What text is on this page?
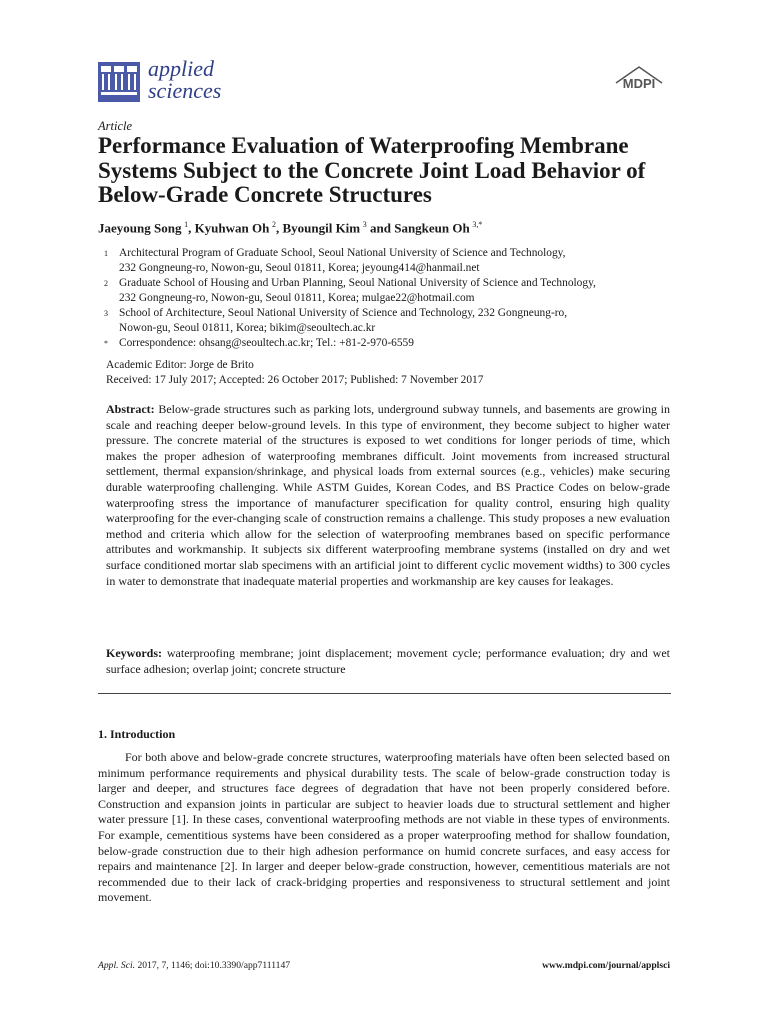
applied
sciences	MDPI
Article
Performance Evaluation of Waterproofing Membrane Systems Subject to the Concrete Joint Load Behavior of Below-Grade Concrete Structures
Jaeyoung Song  $^1$, Kyuhwan Oh  $^2$, Byoungil Kim  $^3$ and Sangkeun Oh  $^{3,*}$
1 Architectural Program of Graduate School, Seoul National University of Science and Technology,
232 Gongneung-ro, Nowon-gu, Seoul 01811, Korea; jeyoung414@hanmail.net
2 Graduate School of Housing and Urban Planning, Seoul National University of Science and Technology,
232 Gongneung-ro, Nowon-gu, Seoul 01811, Korea; mulgae22@hotmail.com
3 School of Architecture, Seoul National University of Science and Technology, 232 Gongneung-ro,
Nowon-gu, Seoul 01811, Korea; bikim@seoultech.ac.kr
* Correspondence: ohsang@seoultech.ac.kr; Tel.: +81-2-970-6559
Academic Editor: Jorge de Brito
Received: 17 July 2017; Accepted: 26 October 2017; Published: 7 November 2017
Abstract: Below-grade structures such as parking lots, underground subway tunnels, and basements are growing in scale and reaching deeper below-ground levels. In this type of environment, they become subject to higher water pressure. The concrete material of the structures is exposed to wet conditions for longer periods of time, which makes the proper adhesion of waterproofing membranes difficult. Joint movements from increased structural settlement, thermal expansion/shrinkage, and physical loads from external sources (e.g., vehicles) make securing durable waterproofing challenging. While ASTM Guides, Korean Codes, and BS Practice Codes on below-grade waterproofing stress the importance of manufacturer specification for quality control, ensuring high quality waterproofing for the ever-changing scale of construction remains a challenge. This study proposes a new evaluation method and criteria which allow for the selection of waterproofing membranes based on specific performance attributes and workmanship. It subjects six different waterproofing membrane systems (installed on dry and wet surface conditioned mortar slab specimens with an artificial joint to different cyclic movement widths) to 300 cycles in water to demonstrate that inadequate material properties and workmanship are key causes for leakages.
Keywords: waterproofing membrane; joint displacement; movement cycle; performance evaluation; dry and wet surface adhesion; overlap joint; concrete structure
1. Introduction
For both above and below-grade concrete structures, waterproofing materials have often been selected based on minimum performance requirements and physical durability tests. The scale of below-grade construction today is larger and deeper, and structures face degrees of degradation that have not been properly considered before. Construction and expansion joints in particular are subject to heavier loads due to structural settlement and higher water pressure [1]. In these cases, conventional waterproofing methods are not viable in these types of environments. For example, cementitious systems have been considered as a proper waterproofing method for shallow foundation, below-grade construction due to their high adhesion performance on humid concrete surfaces, and easy access for repairs and maintenance [2]. In larger and deeper below-grade construction, however, cementitious materials are not recommended due to their lack of crack-bridging properties and responsiveness to structural settlement and joint movement.
Appl. Sci. 2017, 7, 1146; doi:10.3390/app7111147	www.mdpi.com/journal/applsci
